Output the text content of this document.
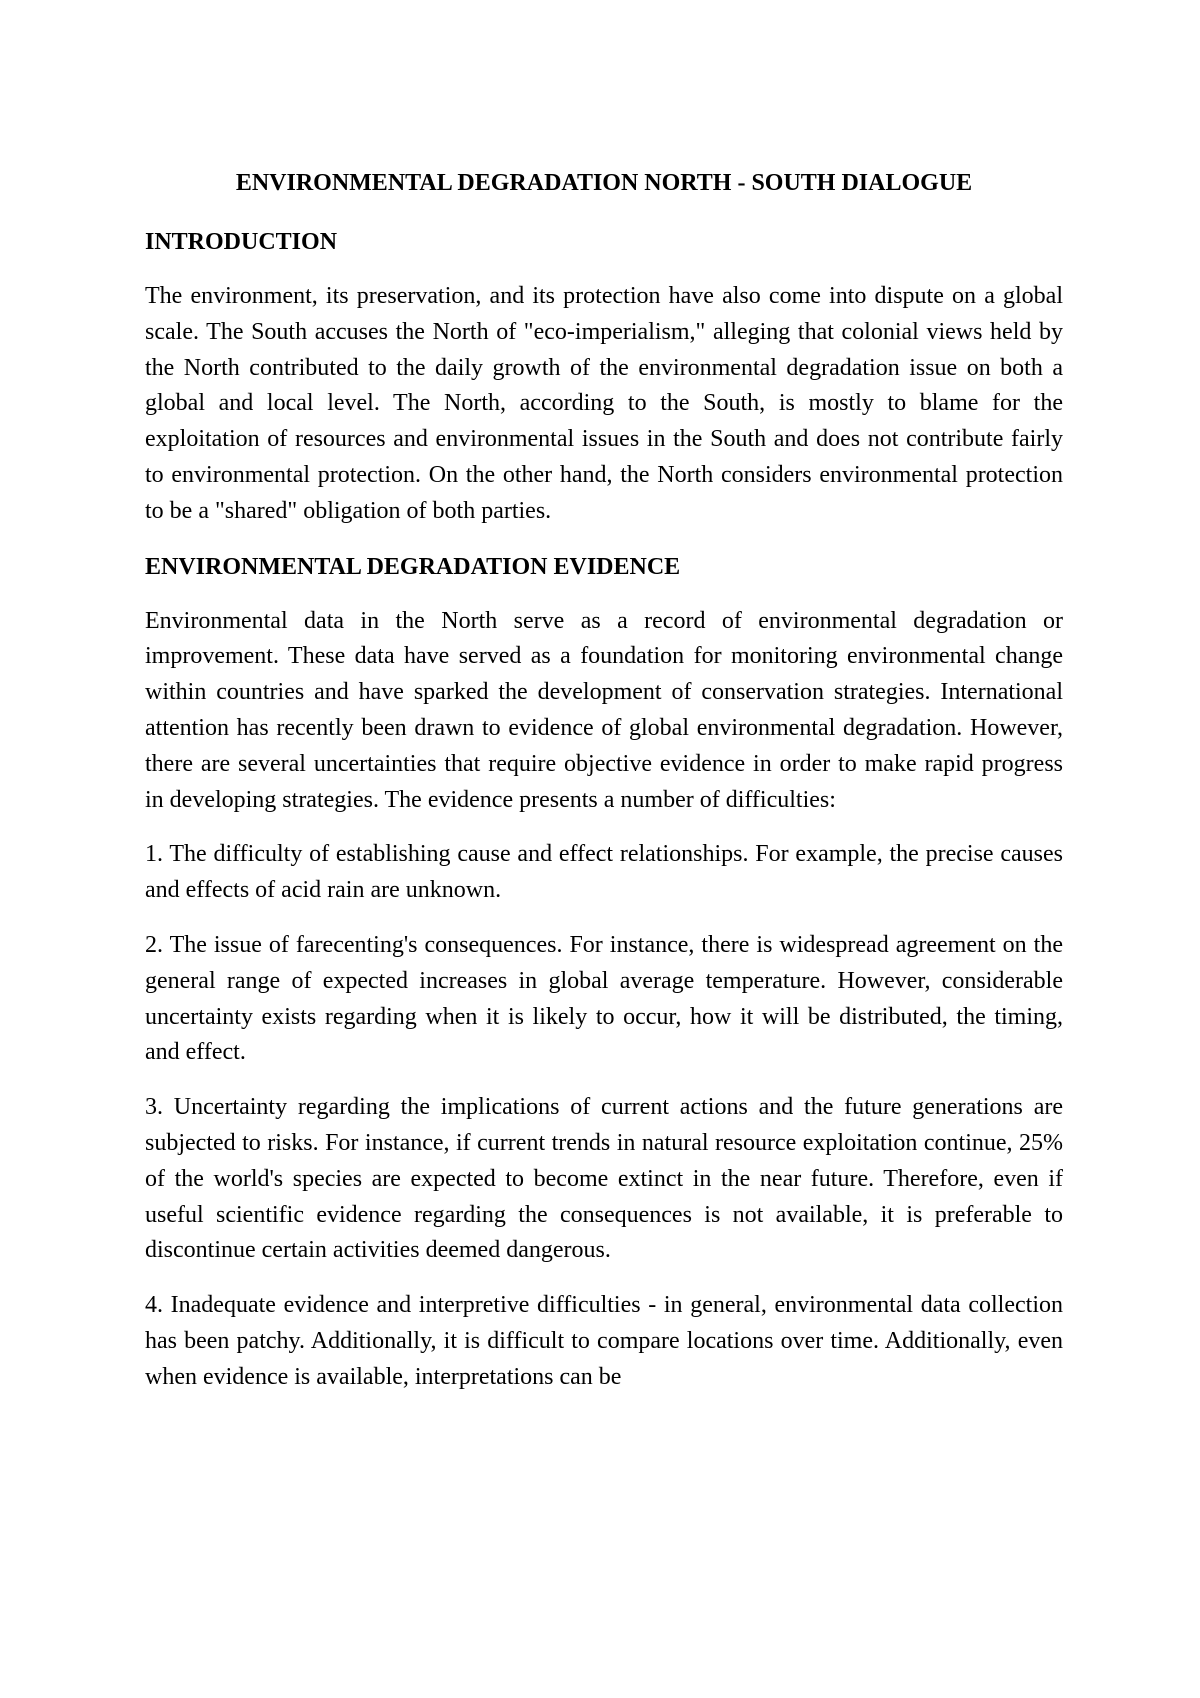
ENVIRONMENTAL DEGRADATION NORTH - SOUTH DIALOGUE
INTRODUCTION

The environment, its preservation, and its protection have also come into dispute on a global scale. The South accuses the North of "eco-imperialism," alleging that colonial views held by the North contributed to the daily growth of the environmental degradation issue on both a global and local level. The North, according to the South, is mostly to blame for the exploitation of resources and environmental issues in the South and does not contribute fairly to environmental protection. On the other hand, the North considers environmental protection to be a "shared" obligation of both parties.

ENVIRONMENTAL DEGRADATION EVIDENCE

Environmental data in the North serve as a record of environmental degradation or improvement. These data have served as a foundation for monitoring environmental change within countries and have sparked the development of conservation strategies. International attention has recently been drawn to evidence of global environmental degradation. However, there are several uncertainties that require objective evidence in order to make rapid progress in developing strategies. The evidence presents a number of difficulties:

1. The difficulty of establishing cause and effect relationships. For example, the precise causes and effects of acid rain are unknown.

2. The issue of farecenting's consequences. For instance, there is widespread agreement on the general range of expected increases in global average temperature. However, considerable uncertainty exists regarding when it is likely to occur, how it will be distributed, the timing, and effect.

3. Uncertainty regarding the implications of current actions and the future generations are subjected to risks. For instance, if current trends in natural resource exploitation continue, 25% of the world's species are expected to become extinct in the near future. Therefore, even if useful scientific evidence regarding the consequences is not available, it is preferable to discontinue certain activities deemed dangerous.

4. Inadequate evidence and interpretive difficulties - in general, environmental data collection has been patchy. Additionally, it is difficult to compare locations over time. Additionally, even when evidence is available, interpretations can be
